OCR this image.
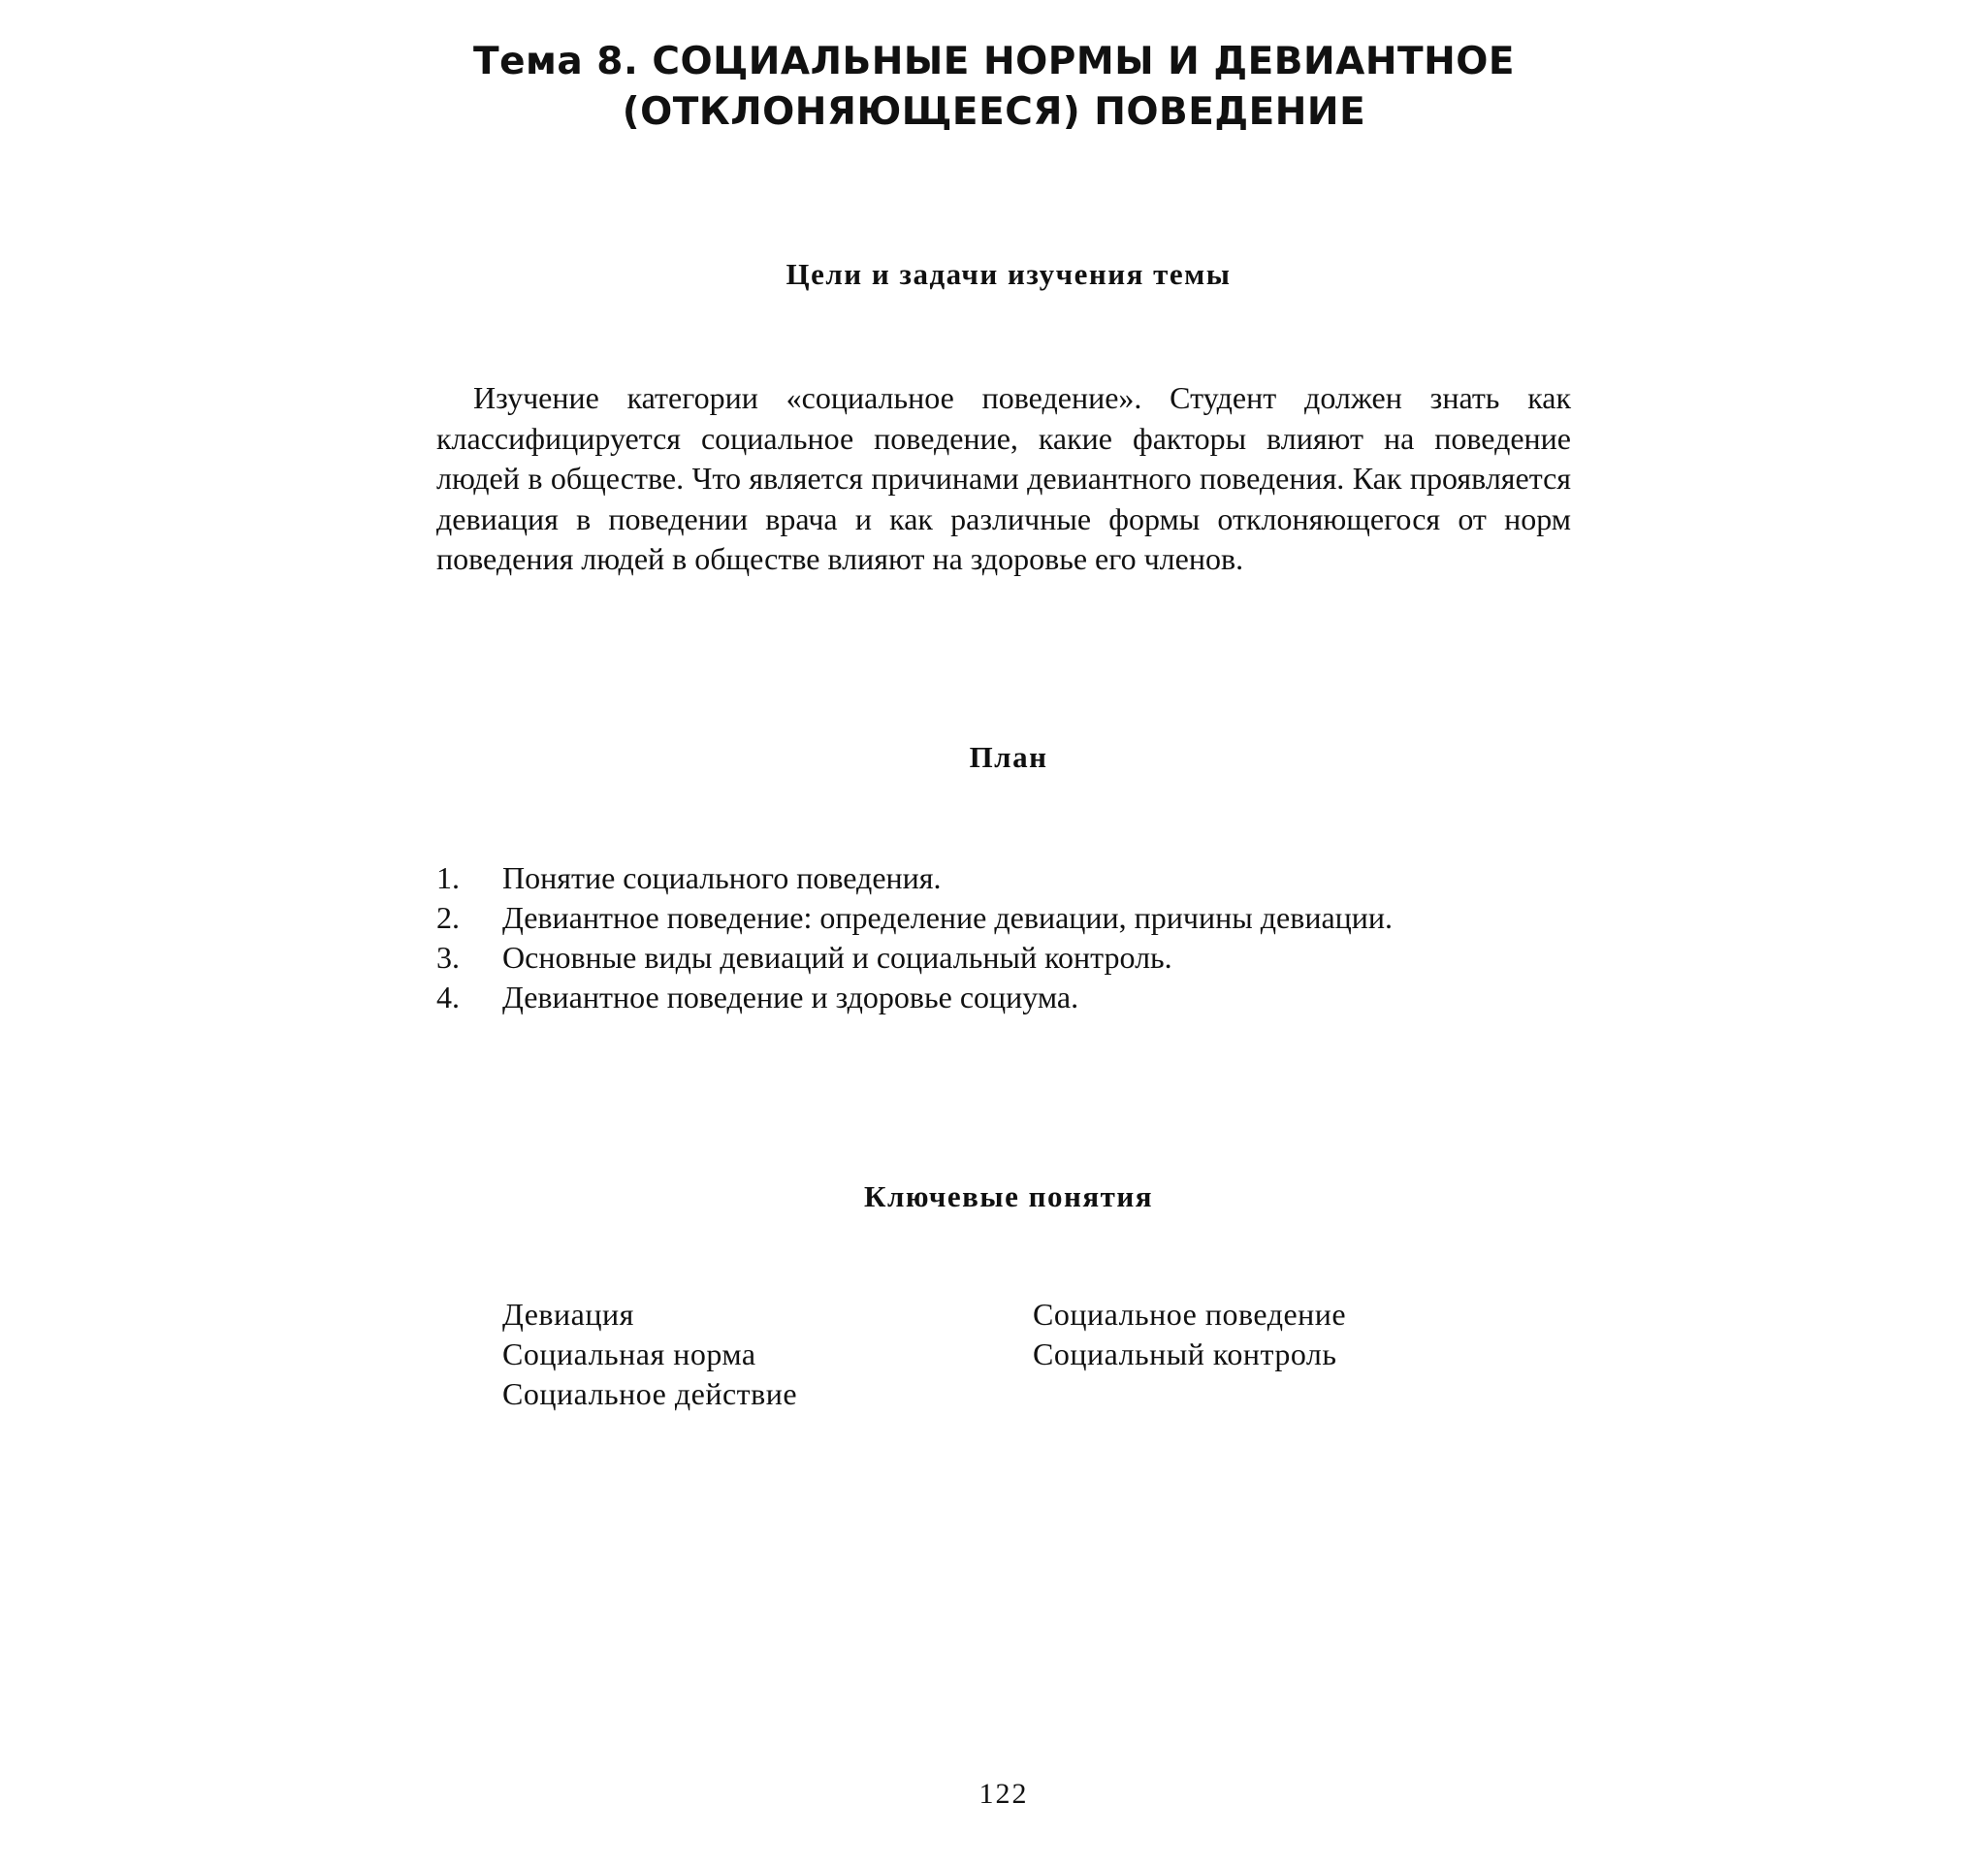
Тема 8. СОЦИАЛЬНЫЕ НОРМЫ И ДЕВИАНТНОЕ
(ОТКЛОНЯЮЩЕЕСЯ) ПОВЕДЕНИЕ
Цели и задачи изучения темы

Изучение категории «социальное поведение». Студент должен знать как классифицируется социальное поведение, какие факторы влияют на поведение людей в обществе. Что является причинами девиантного поведения. Как проявляется девиация в поведении врача и как различные формы отклоняющегося от норм поведения людей в обществе влияют на здоровье его членов.

План
1.	Понятие социального поведения.
2.	Девиантное поведение: определение девиации, причины девиации.
3.	Основные виды девиаций и социальный контроль.
4.	Девиантное поведение и здоровье социума.
Ключевые понятия
Девиация
Социальная норма
Социальное действие
Социальное поведение
Социальный контроль
122
